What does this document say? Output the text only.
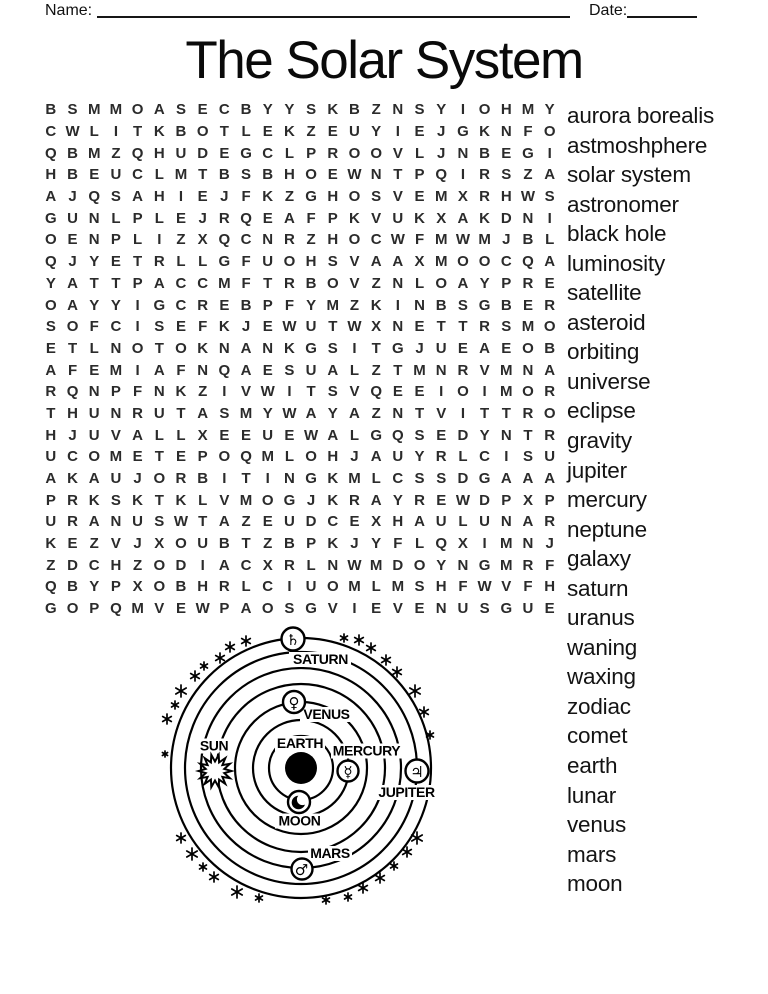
Name:	Date:
The Solar System
B S M M O A S E C B Y Y S K B Z N S Y I O H M Y
C W L	I	T K B O T L E K Z E U Y I E J G K N F O
Q B M Z Q H U D E G C L P R O O V L J N B E G I
H B E U C L M T B S B H O E W N T P Q I R S Z A
A J Q S A H I E J F K Z G H O S V E M X R H W S
G U N L P L E J R Q E A F P K V U K X A K D N I
O E N P L	I	Z X Q C N R Z H O C W F M W M J B L
Q J Y E T R L L G F U O H S V A A X M O O C Q A
Y A T T P A C C M F T R B O V Z N L O A Y P R E
O A Y Y I G C R E B P F Y M Z K I N B S G B E R
S O F C I S E F K J E W U T W X N E T T R S M O
E T L N O T O K N A N K G S I	T G J U E A E O B
A F E M I A F N Q A E S U A L Z T M N R V M N A
R Q N P F N K Z	I V W I	T S V Q E E I O I M O R
T H U N R U T A S M Y W A Y A Z N T V I	T T R O
H J U V A L L X E E U E W A L G Q S E D Y N T R
U C O M E T E P O Q M L O H J A U Y R L C I S U
A K A U J O R B I	T	I N G K M L C S S D G A A A
P R K S K T K L V M O G J K R A Y R E W D P X P
U R A N U S W T A Z E U D C E X H A U L U N A R
K E Z V J X O U B T Z B P K J Y F L Q X I M N J
Z D C H Z O D I A C X R L N W M D O Y N G M R F
Q B Y P X O B H R L C I U O M L M S H F W V F H
G O P Q M V E W P A O S G V I E V E N U S G U E
aurora borealis
astmoshphere
solar system
astronomer
black hole
luminosity
satellite
asteroid
orbiting
universe
eclipse
gravity
jupiter
mercury
neptune
galaxy
saturn
uranus
waning
waxing
zodiac
comet
earth
lunar
venus
mars
moon
♄
♀
☿	♃
♂
SATURN
VENUS
EARTH MERCURY
SUN
JUPITER
MOON
MARS
